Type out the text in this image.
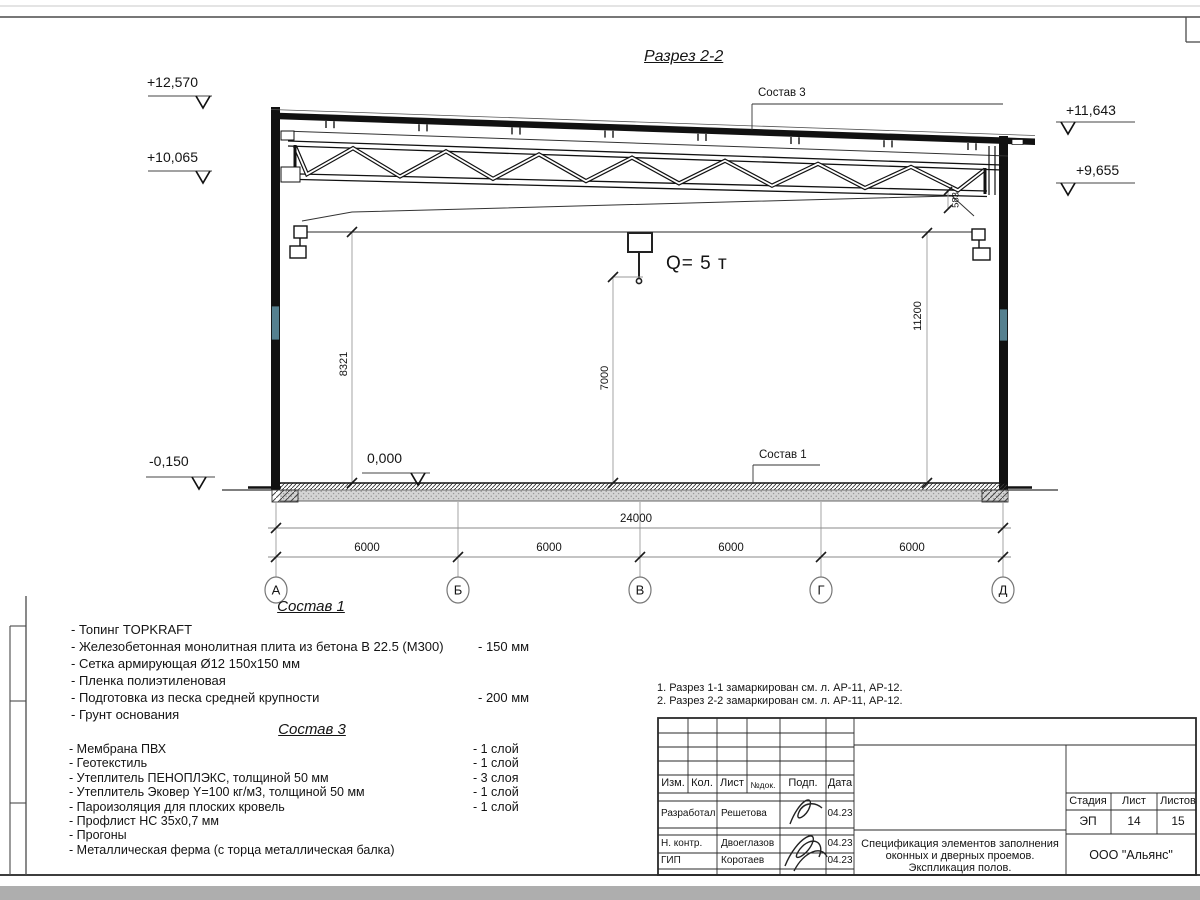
Разрез 2-2
+12,570
+10,065
+11,643
+9,655
-0,150	0,000
Q= 5 т
Состав 3
Состав 1
8321
7000
11200
583
24000
6000	6000	6000	6000
А	Б	В	Г	Д
Состав 1
- Топинг TOPKRAFT
- Железобетонная монолитная плита из бетона В 22.5 (М300)	- 150 мм
- Сетка армирующая Ø12 150х150 мм
- Пленка полиэтиленовая
- Подготовка из песка средней крупности	- 200 мм
- Грунт основания
Состав 3
- Мембрана ПВХ	- 1 слой
- Геотекстиль	- 1 слой
- Утеплитель ПЕНОПЛЭКС, толщиной 50 мм	- 3 слоя
- Утеплитель Эковер Y=100 кг/м3, толщиной 50 мм	- 1 слой
- Пароизоляция для плоских кровель	- 1 слой
- Профлист НС 35х0,7 мм
- Прогоны
- Металлическая ферма (с торца металлическая балка)
1. Разрез 1-1 замаркирован см. л. АР-11, АР-12.
2. Разрез 2-2 замаркирован см. л. АР-11, АР-12.
Изм. Кол. Лист №док. Подп. Дата
Разработал Решетова	04.23
Н. контр. Двоеглазов	04.23
ГИП	Коротаев	04.23
Спецификация элементов заполнения
оконных и дверных проемов.
Экспликация полов.
Стадия Лист Листов
ЭП	14	15
ООО "Альянс"
